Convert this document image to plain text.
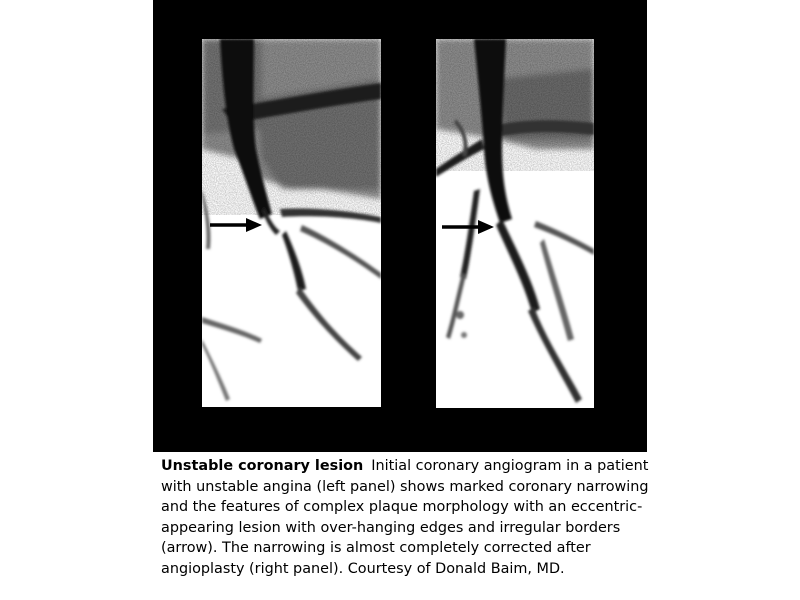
Unstable coronary lesion Initial coronary angiogram in a patient with unstable angina (left panel) shows marked coronary narrowing and the features of complex plaque morphology with an eccentric-appearing lesion with over-hanging edges and irregular borders (arrow). The narrowing is almost completely corrected after angioplasty (right panel). Courtesy of Donald Baim, MD.
